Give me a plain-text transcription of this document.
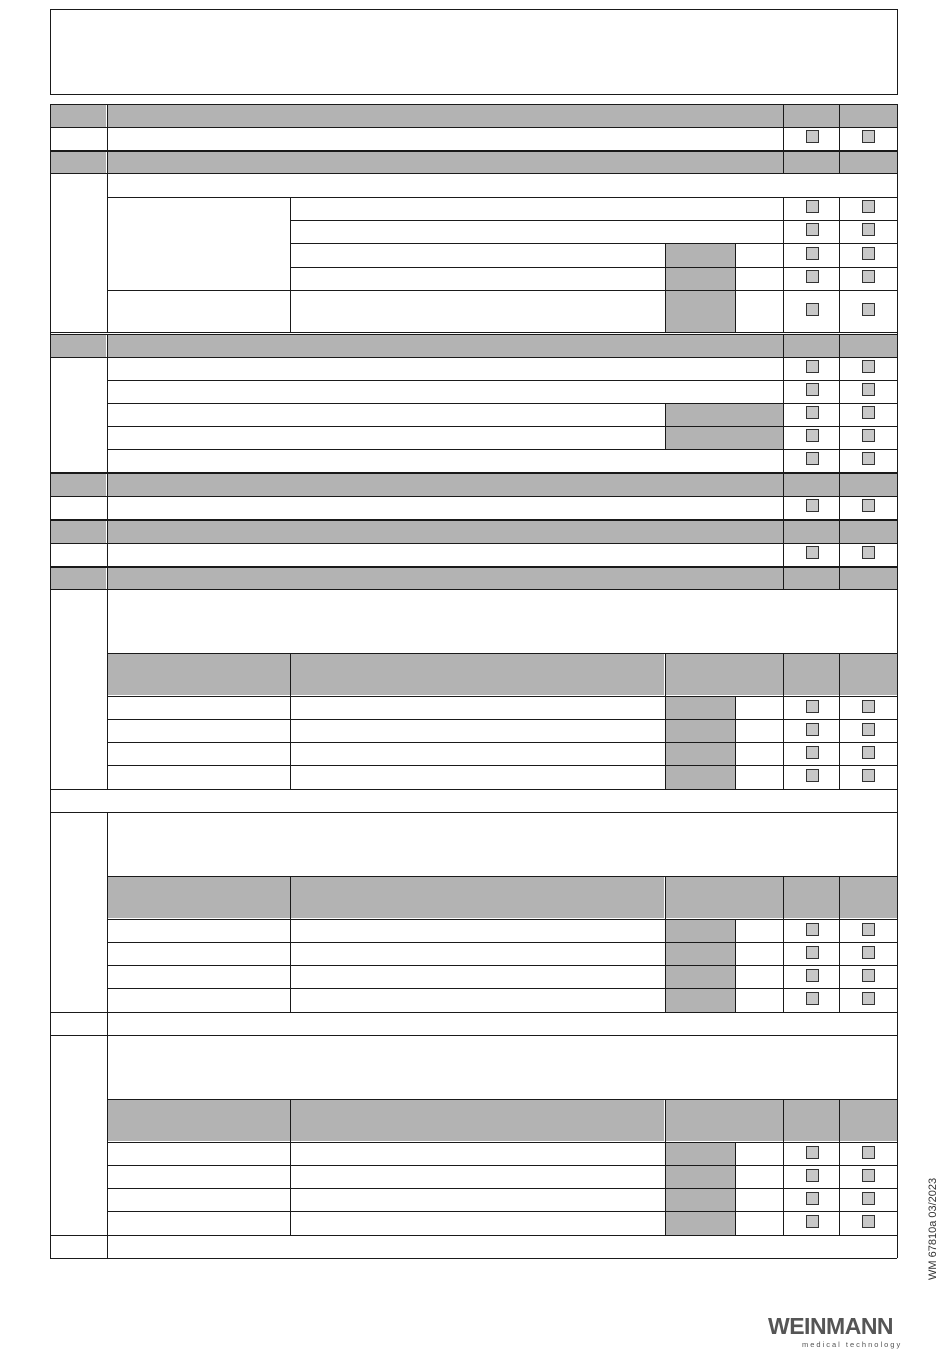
WM 67810a 03/2023
WEINMANN
medical technology
